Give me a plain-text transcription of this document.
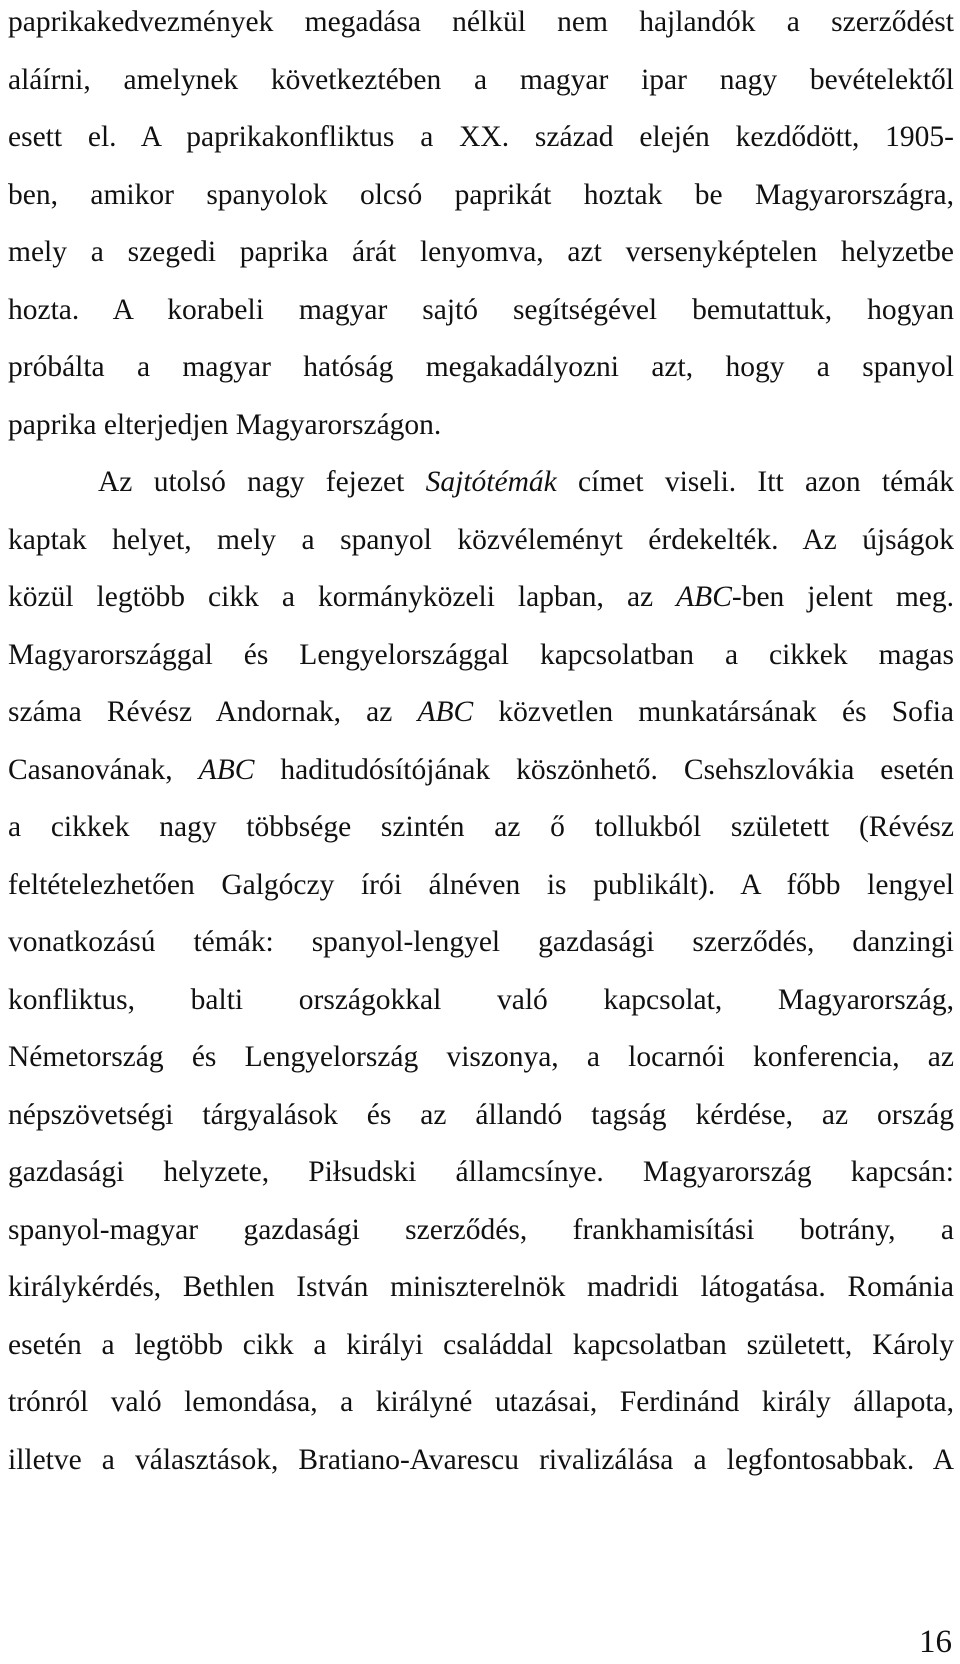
paprikakedvezmények megadása nélkül nem hajlandók a szerződést
aláírni, amelynek következtében a magyar ipar nagy bevételektől
esett el. A paprikakonfliktus a XX. század elején kezdődött, 1905-
ben, amikor spanyolok olcsó paprikát hoztak be Magyarországra,
mely a szegedi paprika árát lenyomva, azt versenyképtelen helyzetbe
hozta. A korabeli magyar sajtó segítségével bemutattuk, hogyan
próbálta a magyar hatóság megakadályozni azt, hogy a spanyol
paprika elterjedjen Magyarországon.
Az utolsó nagy fejezet Sajtótémák címet viseli. Itt azon témák
kaptak helyet, mely a spanyol közvéleményt érdekelték. Az újságok
közül legtöbb cikk a kormányközeli lapban, az ABC-ben jelent meg.
Magyarországgal és Lengyelországgal kapcsolatban a cikkek magas
száma Révész Andornak, az ABC közvetlen munkatársának és Sofia
Casanovának, ABC haditudósítójának köszönhető. Csehszlovákia esetén
a cikkek nagy többsége szintén az ő tollukból született (Révész
feltételezhetően Galgóczy írói álnéven is publikált). A főbb lengyel
vonatkozású témák: spanyol-lengyel gazdasági szerződés, danzingi
konfliktus, balti országokkal való kapcsolat, Magyarország,
Németország és Lengyelország viszonya, a locarnói konferencia, az
népszövetségi tárgyalások és az állandó tagság kérdése, az ország
gazdasági helyzete, Piłsudski államcsínye. Magyarország kapcsán:
spanyol-magyar gazdasági szerződés, frankhamisítási botrány, a
királykérdés, Bethlen István miniszterelnök madridi látogatása. Románia
esetén a legtöbb cikk a királyi családdal kapcsolatban született, Károly
trónról való lemondása, a királyné utazásai, Ferdinánd király állapota,
illetve a választások, Bratiano-Avarescu rivalizálása a legfontosabbak. A
16
